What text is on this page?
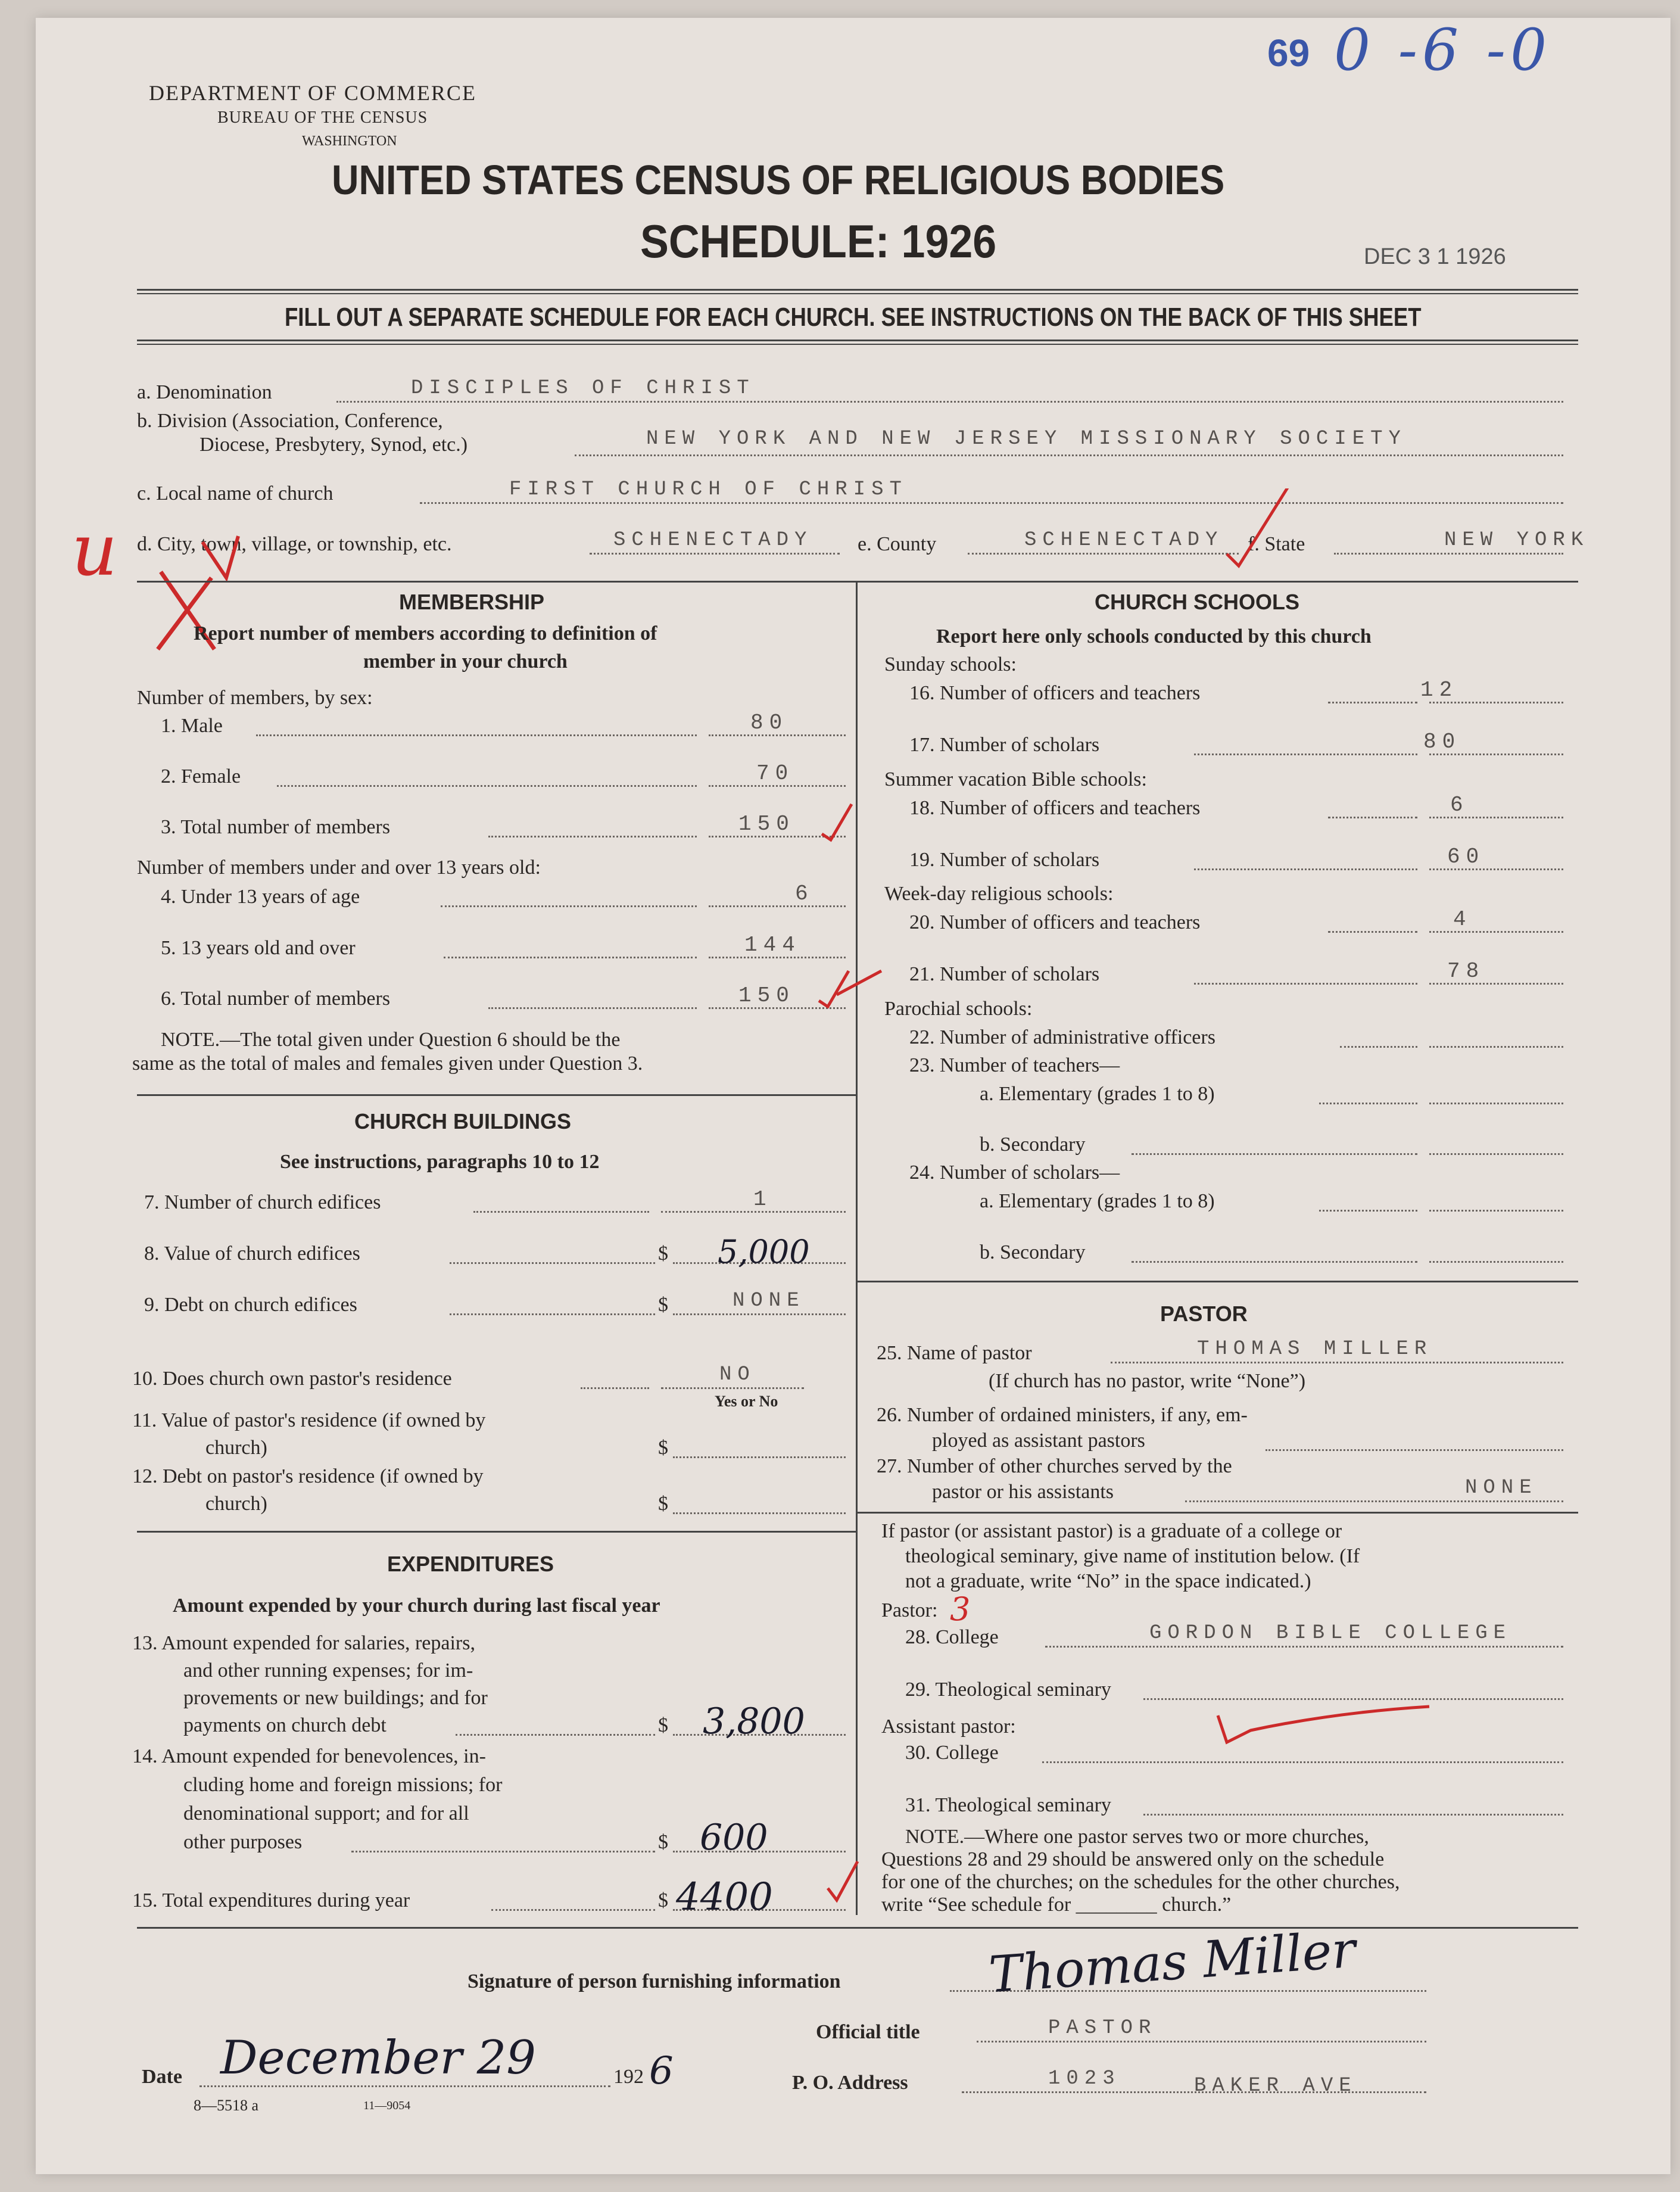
69 0 -6 -0
DEPARTMENT OF COMMERCE
BUREAU OF THE CENSUS
WASHINGTON
UNITED STATES CENSUS OF RELIGIOUS BODIES
SCHEDULE: 1926	DEC 3 1 1926
FILL OUT A SEPARATE SCHEDULE FOR EACH CHURCH. SEE INSTRUCTIONS ON THE BACK OF THIS SHEET
a. Denomination	DISCIPLES OF CHRIST
b. Division (Association, Conference,
Diocese, Presbytery, Synod, etc.)	NEW YORK AND NEW JERSEY MISSIONARY SOCIETY
c. Local name of church	FIRST CHURCH OF CHRIST
d. City, town, village, or township, etc.	SCHENECTADY e. County	SCHENECTADY f. State	NEW YORK
u
MEMBERSHIP
Report number of members according to definition of
member in your church
Number of members, by sex:
1. Male	80
2. Female	70
3. Total number of members	150
Number of members under and over 13 years old:
4. Under 13 years of age	6
5. 13 years old and over	144
6. Total number of members	150
NOTE.—The total given under Question 6 should be the
same as the total of males and females given under Question 3.
CHURCH BUILDINGS
See instructions, paragraphs 10 to 12
7. Number of church edifices	1
8. Value of church edifices	$ 5,000
9. Debt on church edifices	$	NONE
10. Does church own pastor's residence	NO
Yes or No
11. Value of pastor's residence (if owned by
church)	$
12. Debt on pastor's residence (if owned by
church)	$
EXPENDITURES
Amount expended by your church during last fiscal year
13. Amount expended for salaries, repairs,
and other running expenses; for im-
provements or new buildings; and for
payments on church debt	$ 3,800
14. Amount expended for benevolences, in-
cluding home and foreign missions; for
denominational support; and for all
other purposes	$ 600
15. Total expenditures during year	$ 4400
CHURCH SCHOOLS
Report here only schools conducted by this church
Sunday schools:
16. Number of officers and teachers	12
17. Number of scholars	80
Summer vacation Bible schools:
18. Number of officers and teachers	6
19. Number of scholars	60
Week-day religious schools:
20. Number of officers and teachers	4
21. Number of scholars	78
Parochial schools:
22. Number of administrative officers
23. Number of teachers—
a. Elementary (grades 1 to 8)
b. Secondary
24. Number of scholars—
a. Elementary (grades 1 to 8)
b. Secondary
PASTOR
25. Name of pastor	THOMAS MILLER
(If church has no pastor, write “None”)
26. Number of ordained ministers, if any, em-
ployed as assistant pastors
27. Number of other churches served by the
pastor or his assistants	NONE
If pastor (or assistant pastor) is a graduate of a college or
theological seminary, give name of institution below. (If
not a graduate, write “No” in the space indicated.)
Pastor: 3
28. College	GORDON BIBLE COLLEGE
29. Theological seminary
Assistant pastor:
30. College
31. Theological seminary
NOTE.—Where one pastor serves two or more churches,
Questions 28 and 29 should be answered only on the schedule
for one of the churches; on the schedules for the other churches,
write “See schedule for ________ church.”
Signature of person furnishing information	Thomas Miller
Official title	PASTOR
Date December 29	192 6	P. O. Address	1023	BAKER AVE
8—5518 a	11—9054
